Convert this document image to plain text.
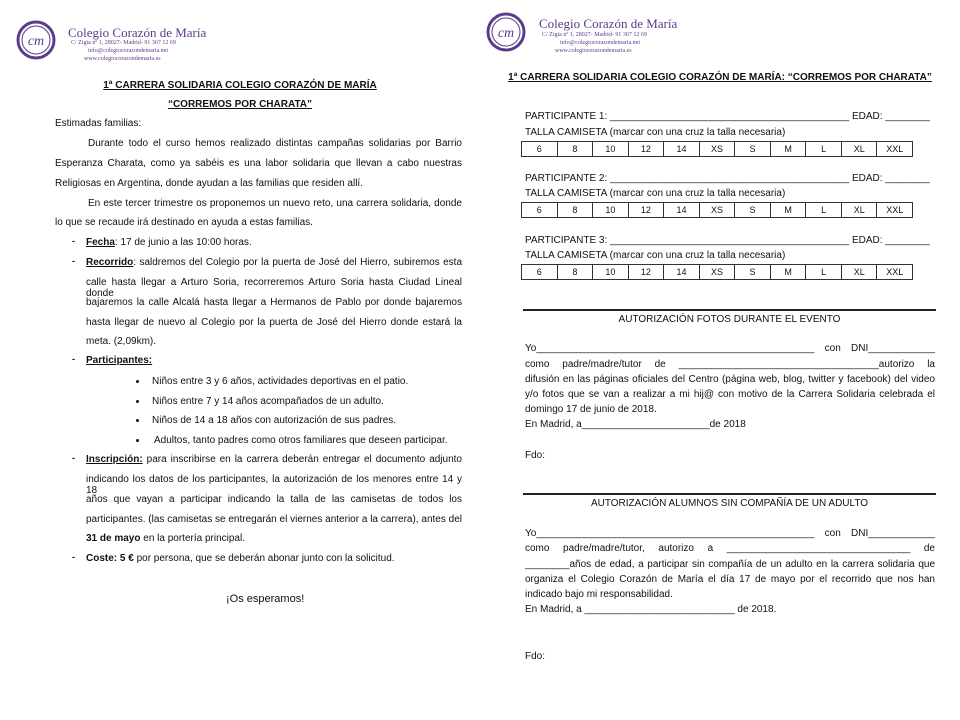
cm
Colegio Corazón de María
C/ Zigia nº 1, 28027- Madrid- 91 367 12 69
info@colegiocorazondemaria.net
www.colegiocorazondemaria.es
1ª CARRERA SOLIDARIA COLEGIO CORAZÓN DE MARÍA
“CORREMOS POR CHARATA”
Estimadas familias:
Durante todo el curso hemos realizado distintas campañas solidarias por Barrio
Esperanza Charata, como ya sabéis es una labor solidaria que llevan a cabo nuestras
Religiosas en Argentina, donde ayudan a las familias que residen allí.
En este tercer trimestre os proponemos un nuevo reto, una carrera solidaria, donde
lo que se recaude irá destinado en ayuda a estas familias.
- Fecha: 17 de junio a las 10:00 horas.
- Recorrido: saldremos del Colegio por la puerta de José del Hierro, subiremos esta
calle hasta llegar a Arturo Soria, recorreremos Arturo Soria hasta Ciudad Lineal donde
bajaremos la calle Alcalá hasta llegar a Hermanos de Pablo por donde bajaremos
hasta llegar de nuevo al Colegio por la puerta de José del Hierro donde estará la
meta. (2,09km).
- Participantes:
Niños entre 3 y 6 años, actividades deportivas en el patio.
Niños entre 7 y 14 años acompañados de un adulto.
Niños de 14 a 18 años con autorización de sus padres.
Adultos, tanto padres como otros familiares que deseen participar.
- Inscripción: para inscribirse en la carrera deberán entregar el documento adjunto
indicando los datos de los participantes, la autorización de los menores entre 14 y 18
años que vayan a participar indicando la talla de las camisetas de todos los
participantes. (las camisetas se entregarán el viernes anterior a la carrera), antes del
31 de mayo en la portería principal.
- Coste: 5 € por persona, que se deberán abonar junto con la solicitud.
¡Os esperamos!
cm
Colegio Corazón de María
C/ Zigia nº 1, 28027- Madrid- 91 367 12 69
info@colegiocorazondemaria.net
www.colegiocorazondemaria.es
1ª CARRERA SOLIDARIA COLEGIO CORAZÓN DE MARÍA: “CORREMOS POR CHARATA”
PARTICIPANTE 1: ___________________________________________ EDAD: ________
TALLA CAMISETA (marcar con una cruz la talla necesaria)
6	8	10	12	14	XS	S	M	L	XL	XXL
PARTICIPANTE 2: ___________________________________________ EDAD: ________
TALLA CAMISETA (marcar con una cruz la talla necesaria)
6	8	10	12	14	XS	S	M	L	XL	XXL
PARTICIPANTE 3: ___________________________________________ EDAD: ________
TALLA CAMISETA (marcar con una cruz la talla necesaria)
6	8	10	12	14	XS	S	M	L	XL	XXL
AUTORIZACIÓN FOTOS DURANTE EL EVENTO
Yo__________________________________________________ con DNI____________
como padre/madre/tutor de ____________________________________autorizo la
difusión en las páginas oficiales del Centro (página web, blog, twitter y facebook) del video
y/o fotos que se van a realizar a mi hij@ con motivo de la Carrera Solidaria celebrada el
domingo 17 de junio de 2018.
En Madrid, a_______________________de 2018
Fdo:
AUTORIZACIÓN ALUMNOS SIN COMPAÑÍA DE UN ADULTO
Yo__________________________________________________ con DNI____________
como padre/madre/tutor, autorizo a _________________________________ de
________años de edad, a participar sin compañía de un adulto en la carrera solidaria que
organiza el Colegio Corazón de María el día 17 de mayo por el recorrido que nos han
indicado bajo mi responsabilidad.
En Madrid, a ___________________________ de 2018.
Fdo:
